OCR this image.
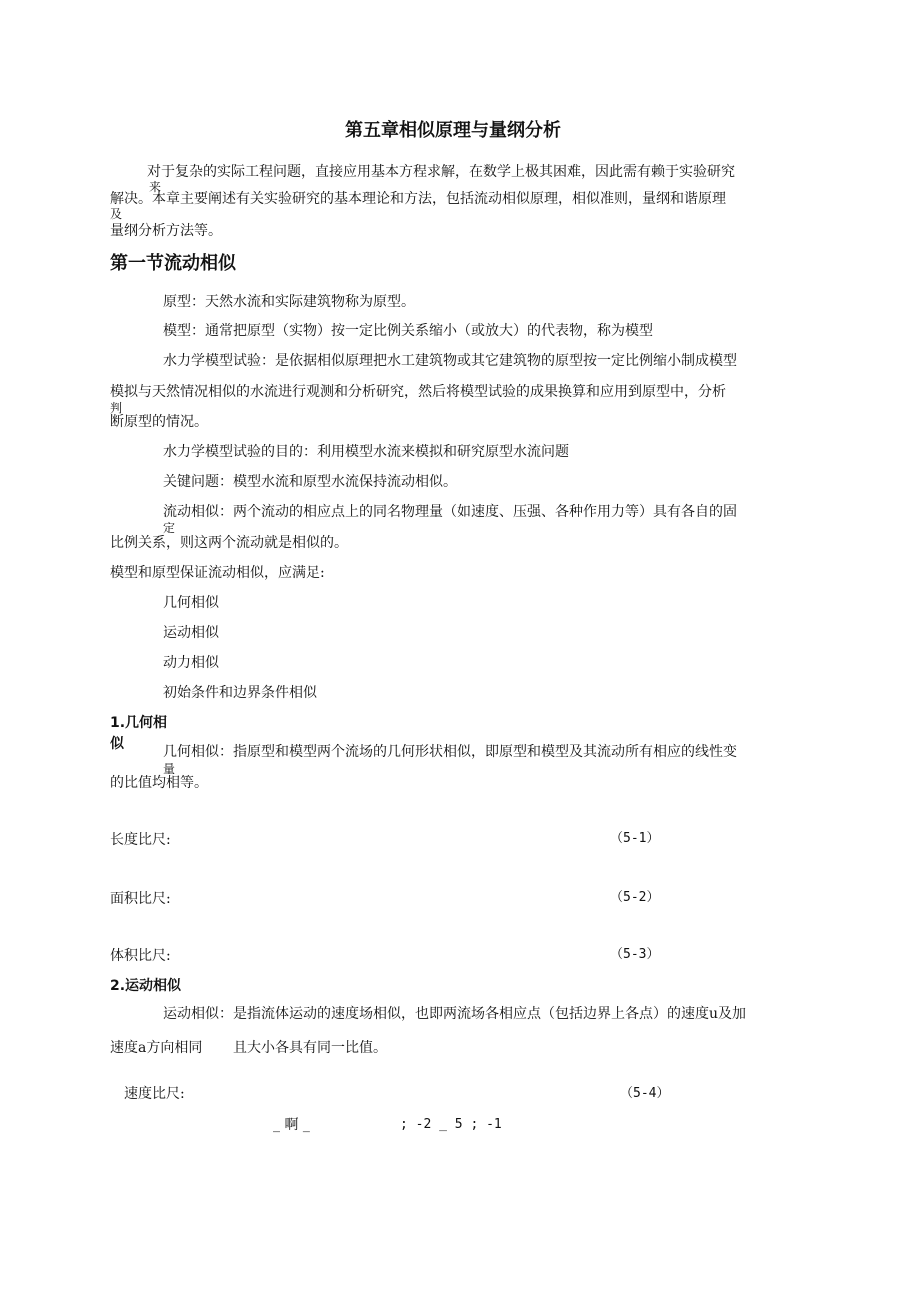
第五章相似原理与量纲分析
对于复杂的实际工程问题，直接应用基本方程求解，在数学上极其困难，因此需有赖于实验研究
解决。本章主要阐述有关实验研究的基本理论和方法，包括流动相似原理，相似准则，量纲和谐原理
来
及
量纲分析方法等。
第一节流动相似
原型：天然水流和实际建筑物称为原型。
模型：通常把原型（实物）按一定比例关系缩小（或放大）的代表物，称为模型
水力学模型试验：是依据相似原理把水工建筑物或其它建筑物的原型按一定比例缩小制成模型
模拟与天然情况相似的水流进行观测和分析研究，然后将模型试验的成果换算和应用到原型中，分析
判
断原型的情况。
水力学模型试验的目的：利用模型水流来模拟和研究原型水流问题
关键问题：模型水流和原型水流保持流动相似。
流动相似：两个流动的相应点上的同名物理量（如速度、压强、各种作用力等）具有各自的固
定
比例关系，则这两个流动就是相似的。
模型和原型保证流动相似，应满足:
几何相似
运动相似
动力相似
初始条件和边界条件相似
1.几何相
似	几何相似：指原型和模型两个流场的几何形状相似，即原型和模型及其流动所有相应的线性变
量
的比值均相等。
长度比尺:	（5-1）
面积比尺:	（5-2）
体积比尺:	（5-3）
2.运动相似
运动相似：是指流体运动的速度场相似，也即两流场各相应点（包括边界上各点）的速度u及加
速度a方向相同 且大小各具有同一比值。
速度比尺:	（5-4）
_ 啊 _	; -2 _ 5 ; -1
